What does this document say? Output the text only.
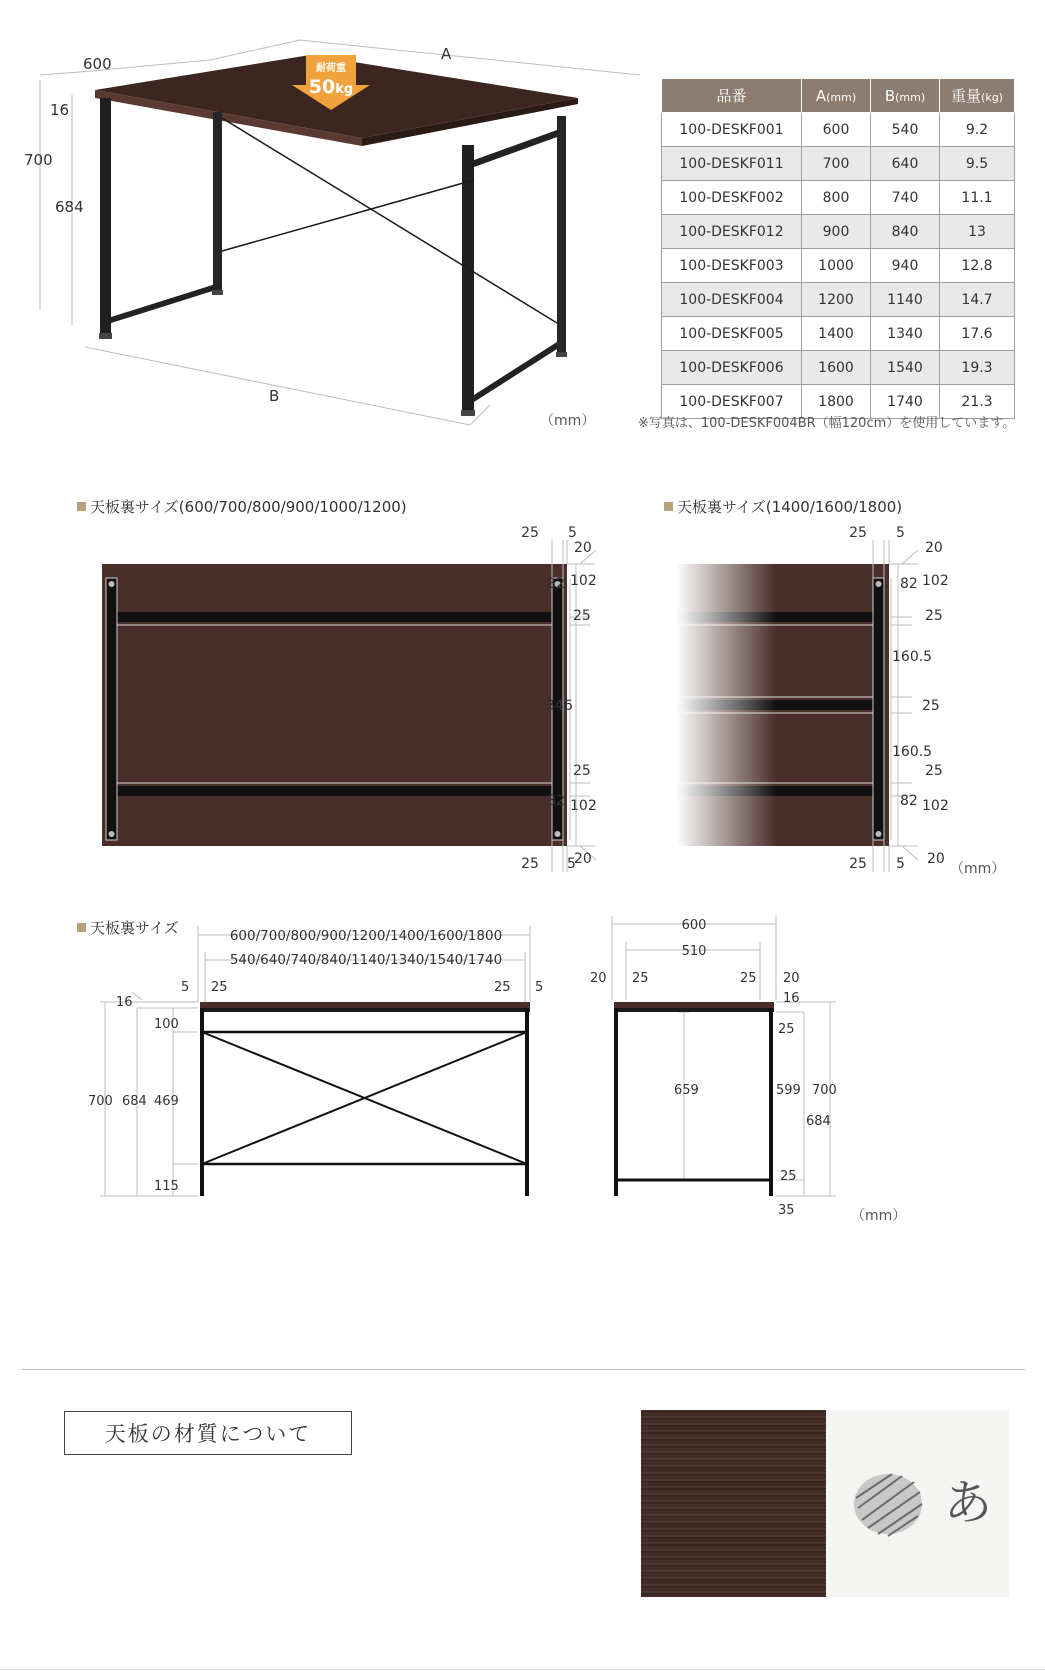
耐荷重
50kg
600
A
16
700
684
B
（mm）
品番	A(mm)	B(mm)	重量(kg)
100-DESKF001	600	540	9.2
100-DESKF011	700	640	9.5
100-DESKF002	800	740	11.1
100-DESKF012	900	840	13
100-DESKF003	1000	940	12.8
100-DESKF004	1200	1140	14.7
100-DESKF005	1400	1340	17.6
100-DESKF006	1600	1540	19.3
100-DESKF007	1800	1740	21.3
※写真は、100-DESKF004BR（幅120cm）を使用しています。
天板裏サイズ(600/700/800/900/1000/1200)
25 5
20
82 102
25
346
25
82 102
25 5
20
天板裏サイズ(1400/1600/1800)
25 5
20
82 102
25
160.5
25
160.5
25
82 102
25 5 20
（mm）
天板裏サイズ	600/700/800/900/1200/1400/1600/1800
540/640/740/840/1140/1340/1540/1740
5 25	25 5
16
100
700 684 469
115
600
510
20 25	25 20
16
25
659	599 700
684
25
35	（mm）
天板の材質について
あ
